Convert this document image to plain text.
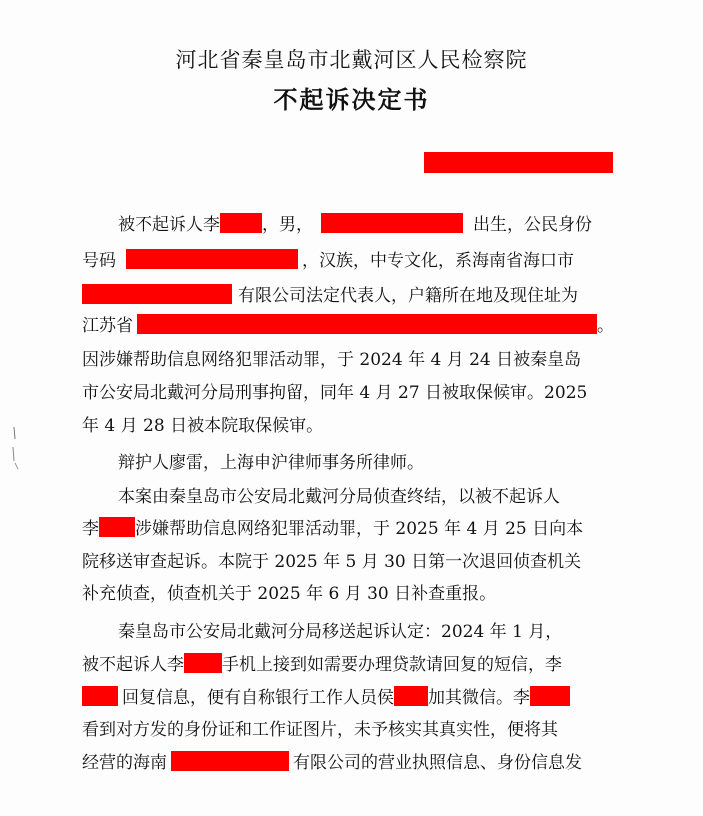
河北省秦皇岛市北戴河区人民检察院
不起诉决定书
被不起诉人李 ，男，	出生，公民身份
号码	，汉族，中专文化，系海南省海口市
有限公司法定代表人，户籍所在地及现住址为
江苏省	。
因涉嫌帮助信息网络犯罪活动罪，于 2024 年 4 月 24 日被秦皇岛
市公安局北戴河分局刑事拘留，同年 4 月 27 日被取保候审。2025
年 4 月 28 日被本院取保候审。
辩护人廖雷，上海申沪律师事务所律师。
本案由秦皇岛市公安局北戴河分局侦查终结，以被不起诉人
李 涉嫌帮助信息网络犯罪活动罪，于 2025 年 4 月 25 日向本
院移送审查起诉。本院于 2025 年 5 月 30 日第一次退回侦查机关
补充侦查，侦查机关于 2025 年 6 月 30 日补查重报。
秦皇岛市公安局北戴河分局移送起诉认定：2024 年 1 月，
被不起诉人李 手机上接到如需要办理贷款请回复的短信，李
回复信息，便有自称银行工作人员侯 加其微信。李
看到对方发的身份证和工作证图片，未予核实其真实性，便将其
经营的海南	有限公司的营业执照信息、身份信息发
